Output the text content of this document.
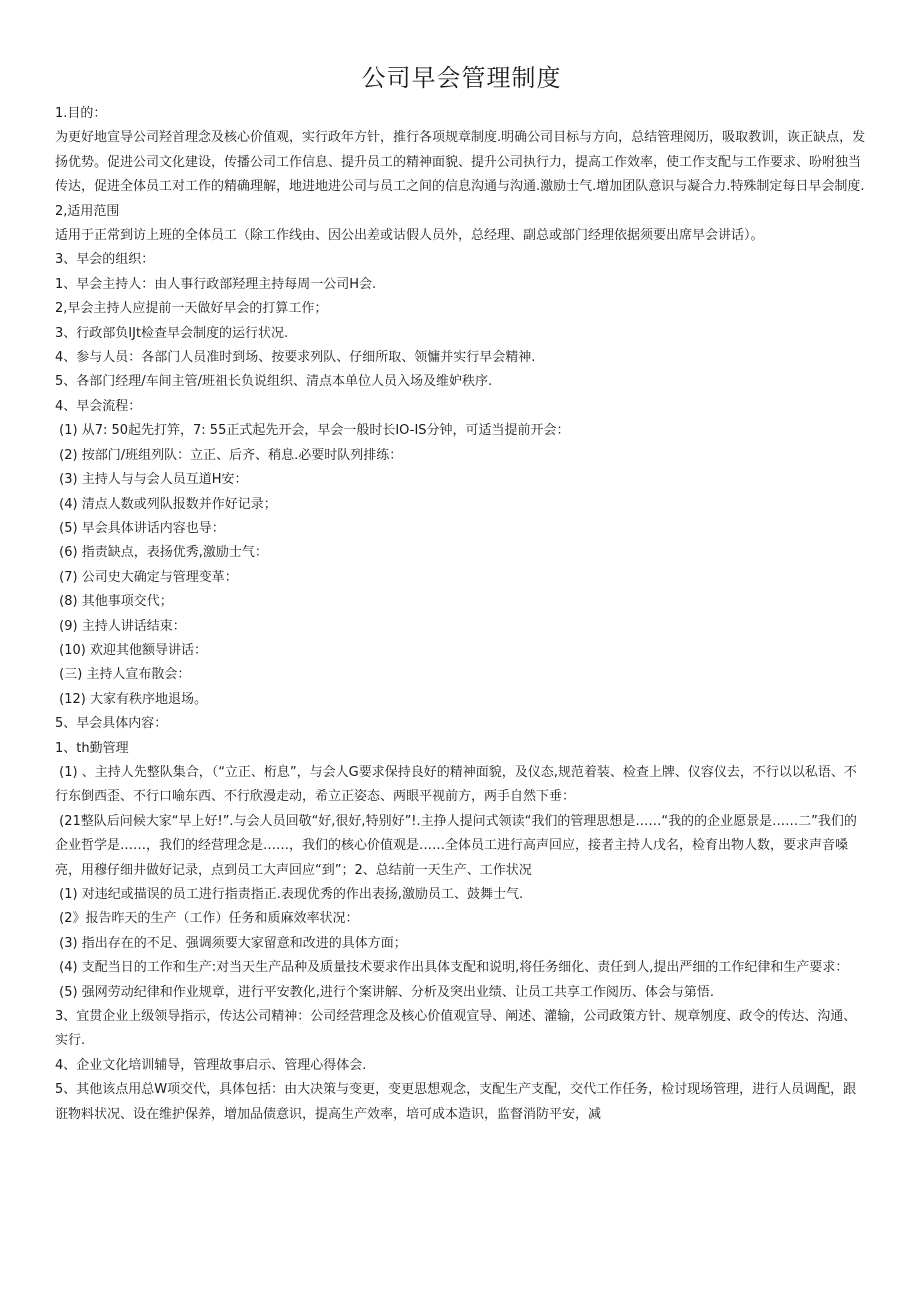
公司早会管理制度

1.目的：

为更好地宣导公司羟首理念及核心价值观，实行政年方针，推行各项规章制度.明确公司目标与方向，总结管理阅历，吸取教训，诙正缺点，发扬优势。促进公司文化建设，传播公司工作信息、提升员工的精神面貌、提升公司执行力，提高工作效率，使工作支配与工作要求、吩咐独当传达，促进全体员工对工作的精确理解，地进地进公司与员工之间的信息沟通与沟通.激励士气.增加团队意识与凝合力.特殊制定每日早会制度.

2,适用范围

适用于正常到访上班的全体员工（除工作线由、因公出差或诂假人员外，总经理、副总或部门经理依据须要出席早会讲话）。

3、早会的组织：

1、早会主持人：由人事行政部羟理主持每周一公司H会.

2,早会主持人应提前一天做好早会的打算工作；

3、行政部负IJt检查早会制度的运行状况.

4、参与人员：各部门人员准时到场、按要求列队、仔细所取、领慵并实行早会精神.

5、各部门经理/车间主管/班祖长负说组织、清点本单位人员入场及维妒秩序.

4、早会流程：

(1) 从7: 50起先打笄，7: 55正式起先开会，早会一般时长IO-IS分钟，可适当提前开会：

(2) 按部门/班组列队：立正、后齐、稍息.必要时队列排练：

(3) 主持人与与会人员互道H安：

(4) 清点人数或列队报数并作好记录；

(5) 早会具体讲话内容也导：

(6) 指责缺点，表扬优秀,激励士气：

(7) 公司史大确定与管理变革：

(8) 其他事项交代；

(9) 主持人讲话结束：

(10) 欢迎其他额导讲话：

(三) 主持人宣布散会：

(12) 大家有秩序地退场。

5、早会具体内容：

1、th勤管理

(1) 、主持人先整队集合，（“立正、桁息”，与会人G要求保持良好的精神面貌，及仪态,规范着装、检查上牌、仪容仪去，不行以以私语、不行东倒西歪、不行口喻东西、不行欣漫走动，希立正姿态、两眼平视前方，两手自然下垂：

(21整队后问候大家“早上好!”.与会人员回敬“好,很好,特别好”!.主挣人提问式领读“我们的管理思想是……“我的的企业愿景是……二”我们的企业哲学是……，我们的经营理念是……，我们的核心价值观是……全体员工进行高声回应，接者主持人戊名，检育出物人数，要求声音嗓亮，用穆仔细井做好记录，点到员工大声回应“到”；2、总结前一天生产、工作状况

(1) 对违纪或描误的员工进行指责指正.表现优秀的作出表扬,激励员工、鼓舞士气.

(2》报告昨天的生产（工作）任务和质麻效率状况：

(3) 指出存在的不足、强调须要大家留意和改进的具体方面；

(4) 支配当日的工作和生产:对当天生产品种及质量技术要求作出具体支配和说明,将任务细化、责任到人,提出严细的工作纪律和生产要求：

(5) 强网劳动纪律和作业规章，进行平安教化,进行个案讲解、分析及突出业绩、让员工共享工作阅历、体会与第悟.

3、宜贯企业上级领导指示，传达公司精神：公司经营理念及核心价值观宣导、阐述、灌输，公司政策方针、规章刎度、政令的传达、沟通、实行.

4、企业文化培训辅导，管理故事启示、管理心得体会.

5、其他该点用总W项交代，具体包括：由大决策与变更，变更思想观念，支配生产支配，交代工作任务，检讨现场管理，进行人员调配，跟诳物料状况、设在维护保养，增加品债意识，提高生产效率，培可成本造识，监督消防平安，减
